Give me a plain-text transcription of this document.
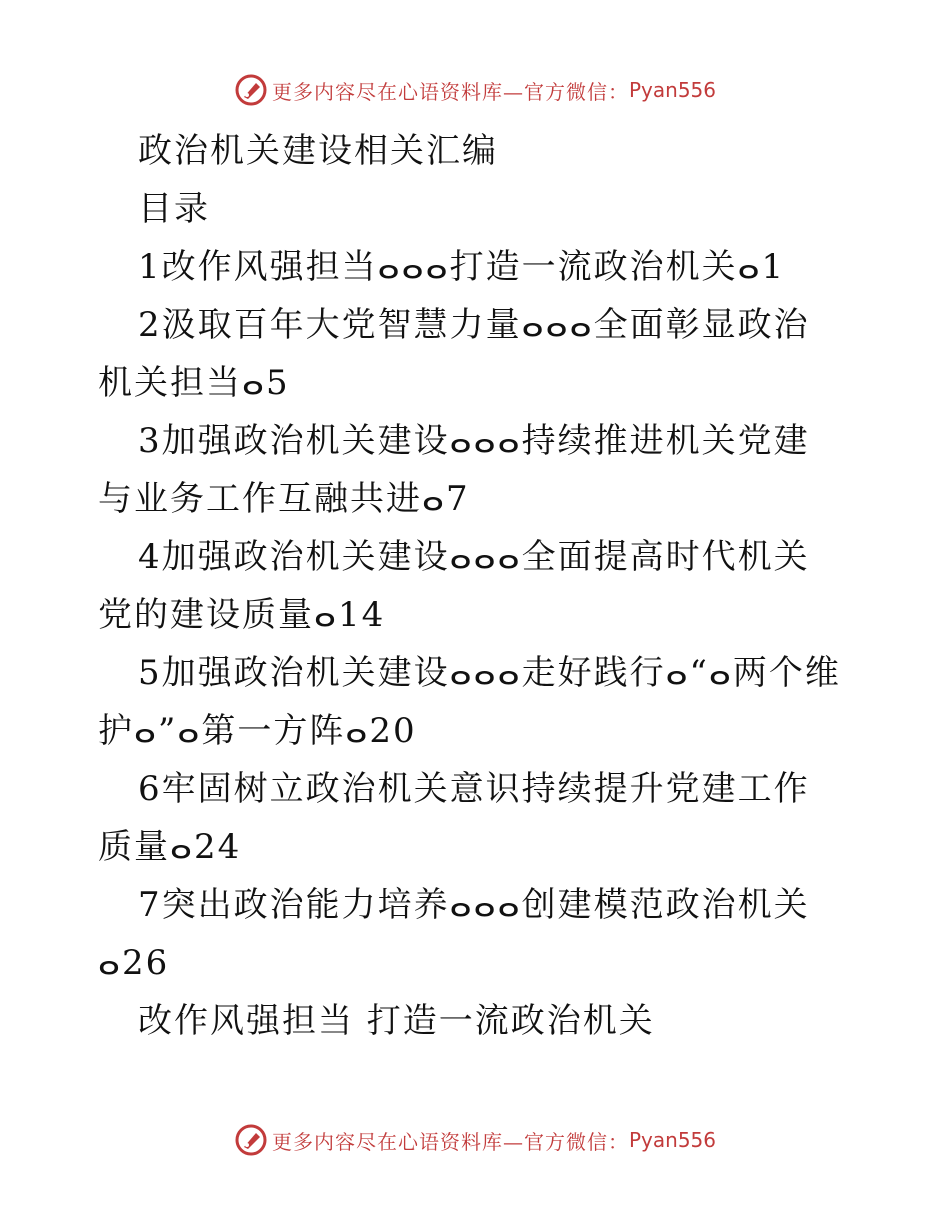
更多内容尽在心语资料库—官方微信： Pyan556

政治机关建设相关汇编

目录

1改作风强担当ⴰⴰⴰ打造一流政治机关ⴰ1

2汲取百年大党智慧力量ⴰⴰⴰ全面彰显政治机关担当ⴰ5

3加强政治机关建设ⴰⴰⴰ持续推进机关党建与业务工作互融共进ⴰ7

4加强政治机关建设ⴰⴰⴰ全面提高时代机关党的建设质量ⴰ14

5加强政治机关建设ⴰⴰⴰ走好践行ⴰ“ⴰ两个维护ⴰ”ⴰ第一方阵ⴰ20

6牢固树立政治机关意识持续提升党建工作质量ⴰ24

7突出政治能力培养ⴰⴰⴰ创建模范政治机关ⴰ26

改作风强担当 打造一流政治机关

更多内容尽在心语资料库—官方微信： Pyan556
